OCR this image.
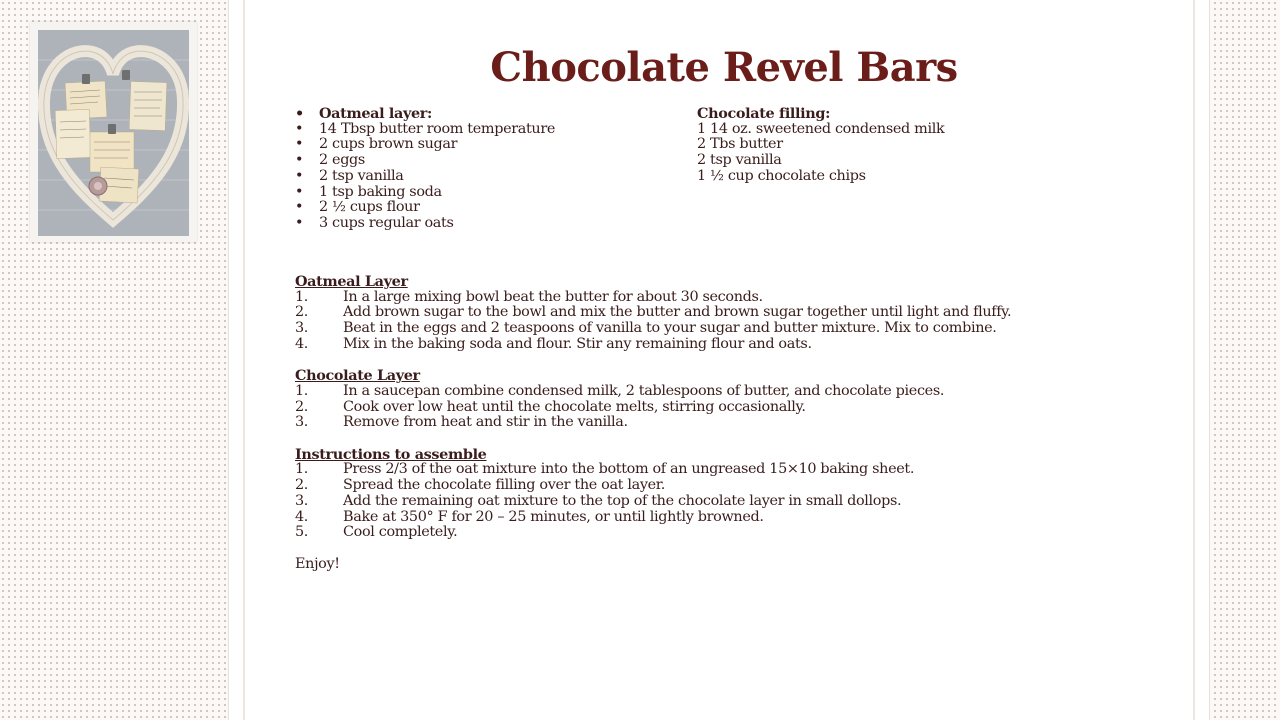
Chocolate Revel Bars
• Oatmeal layer:
• 14 Tbsp butter room temperature
• 2 cups brown sugar
• 2 eggs
• 2 tsp vanilla
• 1 tsp baking soda
• 2 ½ cups flour
• 3 cups regular oats
Chocolate filling:
1 14 oz. sweetened condensed milk
2 Tbs butter
2 tsp vanilla
1 ½ cup chocolate chips
Oatmeal Layer
1. In a large mixing bowl beat the butter for about 30 seconds.
2. Add brown sugar to the bowl and mix the butter and brown sugar together until light and fluffy.
3. Beat in the eggs and 2 teaspoons of vanilla to your sugar and butter mixture. Mix to combine.
4. Mix in the baking soda and flour. Stir any remaining flour and oats.
Chocolate Layer
1. In a saucepan combine condensed milk, 2 tablespoons of butter, and chocolate pieces.
2. Cook over low heat until the chocolate melts, stirring occasionally.
3. Remove from heat and stir in the vanilla.
Instructions to assemble
1. Press 2/3 of the oat mixture into the bottom of an ungreased 15×10 baking sheet.
2. Spread the chocolate filling over the oat layer.
3. Add the remaining oat mixture to the top of the chocolate layer in small dollops.
4. Bake at 350° F for 20 – 25 minutes, or until lightly browned.
5. Cool completely.
Enjoy!
